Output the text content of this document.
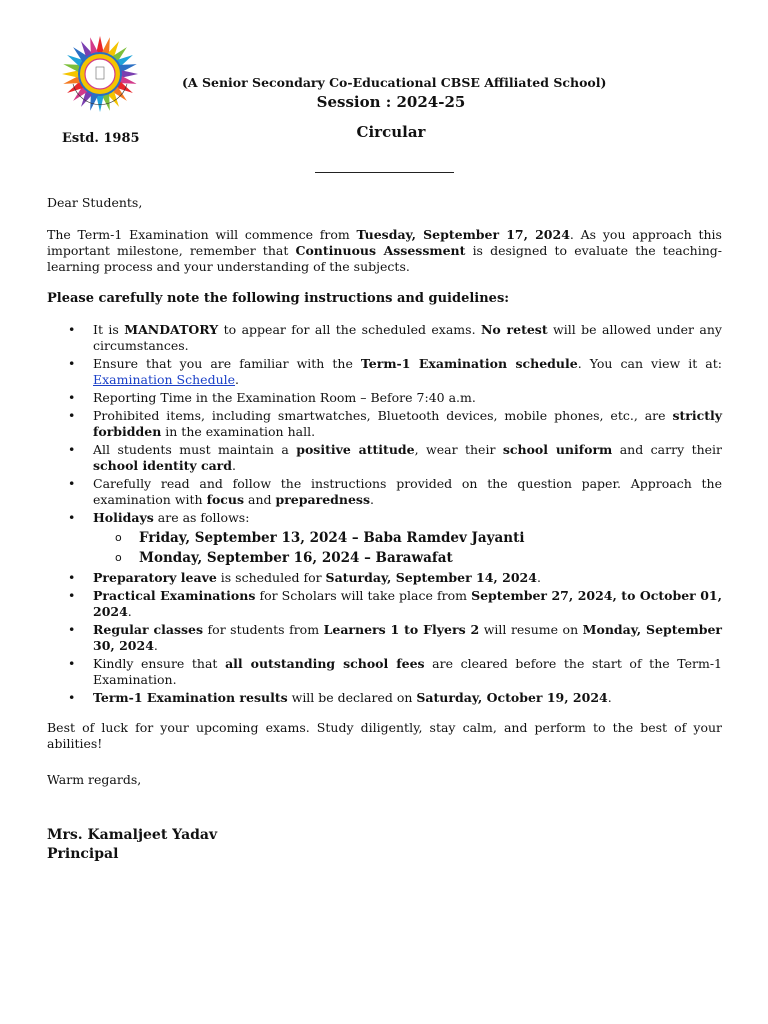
Estd. 1985
(A Senior Secondary Co-Educational CBSE Affiliated School)
Session : 2024-25
Circular

Dear Students,

The Term-1 Examination will commence from Tuesday, September 17, 2024. As you approach this important milestone, remember that Continuous Assessment is designed to evaluate the teaching-learning process and your understanding of the subjects.

Please carefully note the following instructions and guidelines:

• It is MANDATORY to appear for all the scheduled exams. No retest will be allowed under any circumstances.
• Ensure that you are familiar with the Term-1 Examination schedule. You can view it at: Examination Schedule.
• Reporting Time in the Examination Room – Before 7:40 a.m.
• Prohibited items, including smartwatches, Bluetooth devices, mobile phones, etc., are strictly forbidden in the examination hall.
• All students must maintain a positive attitude, wear their school uniform and carry their school identity card.
• Carefully read and follow the instructions provided on the question paper. Approach the examination with focus and preparedness.
• Holidays are as follows:
o Friday, September 13, 2024 – Baba Ramdev Jayanti
o Monday, September 16, 2024 – Barawafat
• Preparatory leave is scheduled for Saturday, September 14, 2024.
• Practical Examinations for Scholars will take place from September 27, 2024, to October 01, 2024.
• Regular classes for students from Learners 1 to Flyers 2 will resume on Monday, September 30, 2024.
• Kindly ensure that all outstanding school fees are cleared before the start of the Term-1 Examination.
• Term-1 Examination results will be declared on Saturday, October 19, 2024.

Best of luck for your upcoming exams. Study diligently, stay calm, and perform to the best of your abilities!

Warm regards,

Mrs. Kamaljeet Yadav
Principal
